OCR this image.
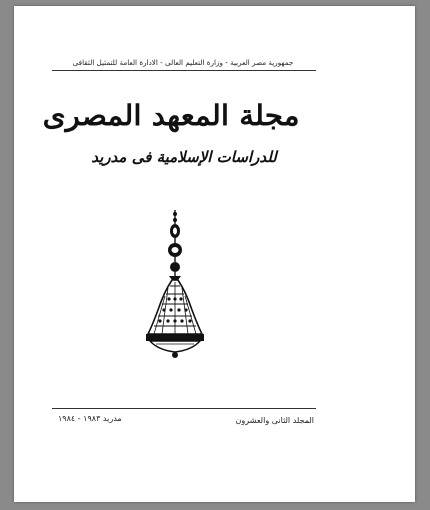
جمهورية مصر العربية - وزارة التعليم العالى - الادارة العامة للتمثيل الثقافى
مجلة المعهد المصرى
للدراسات الإسلامية فى مدريد
المجلد الثانى والعشرون
مدريد ١٩٨٣ - ١٩٨٤
